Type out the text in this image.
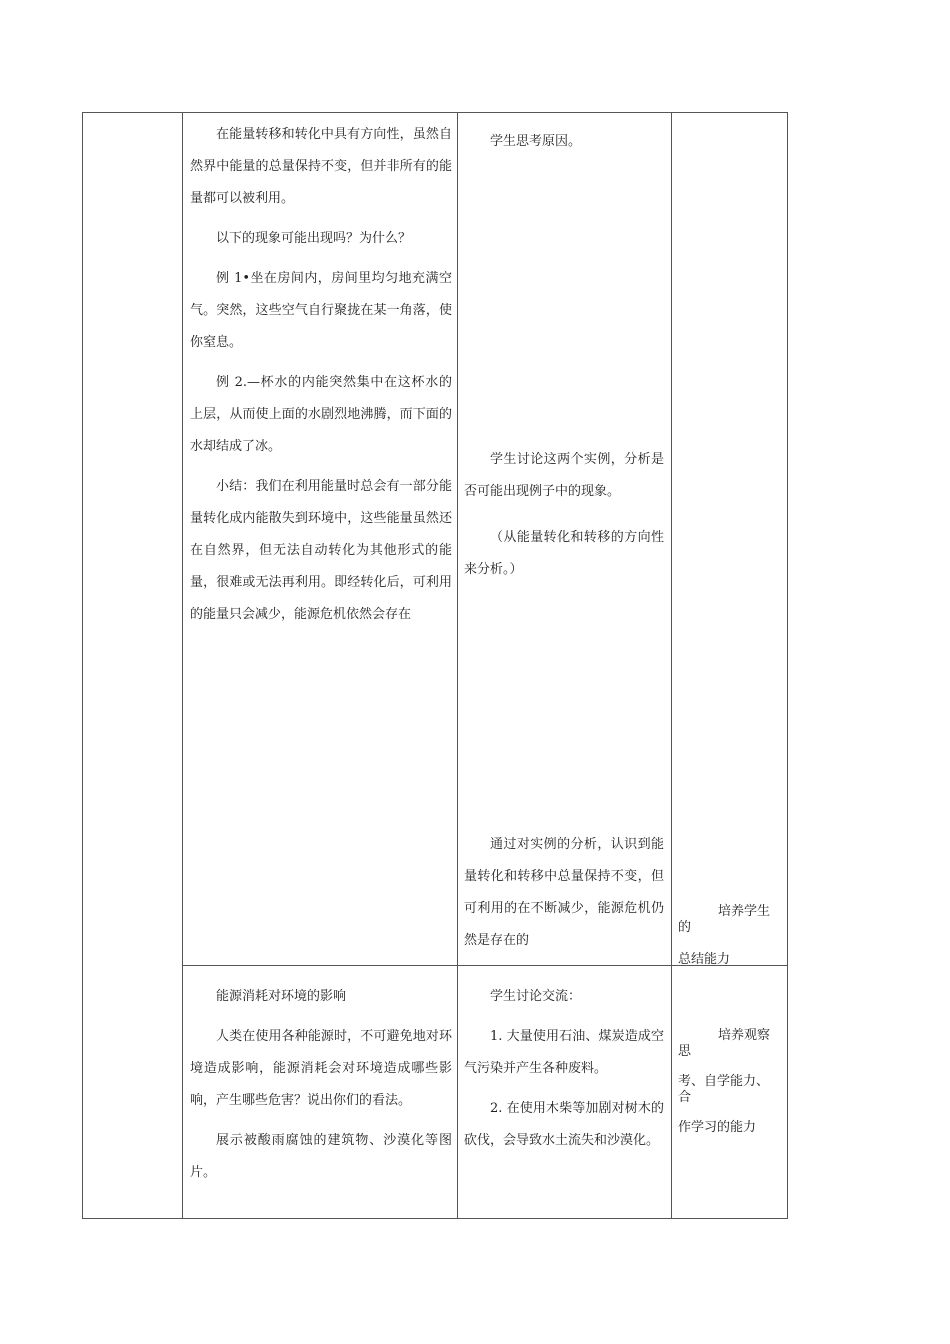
在能量转移和转化中具有方向性，虽然自然界中能量的总量保持不变，但并非所有的能量都可以被利用。

以下的现象可能出现吗？为什么？

例 1•坐在房间内，房间里均匀地充满空气。突然，这些空气自行聚拢在某一角落，使你窒息。

例 2.—杯水的内能突然集中在这杯水的上层，从而使上面的水剧烈地沸腾，而下面的水却结成了冰。

小结：我们在利用能量时总会有一部分能量转化成内能散失到环境中，这些能量虽然还在自然界，但无法自动转化为其他形式的能量，很难或无法再利用。即经转化后，可利用的能量只会减少，能源危机依然会存在

学生思考原因。

学生讨论这两个实例，分析是否可能出现例子中的现象。

（从能量转化和转移的方向性来分析。）

通过对实例的分析，认识到能量转化和转移中总量保持不变，但可利用的在不断减少，能源危机仍然是存在的

培养学生

的

总结能力

能源消耗对环境的影响

人类在使用各种能源时，不可避免地对环境造成影响，能源消耗会对环境造成哪些影响，产生哪些危害？说出你们的看法。

展示被酸雨腐蚀的建筑物、沙漠化等图片。

学生讨论交流：

1. 大量使用石油、煤炭造成空气污染并产生各种废料。

2. 在使用木柴等加剧对树木的砍伐，会导致水土流失和沙漠化。

培养观察

思

考、自学能力、

合

作学习的能力
